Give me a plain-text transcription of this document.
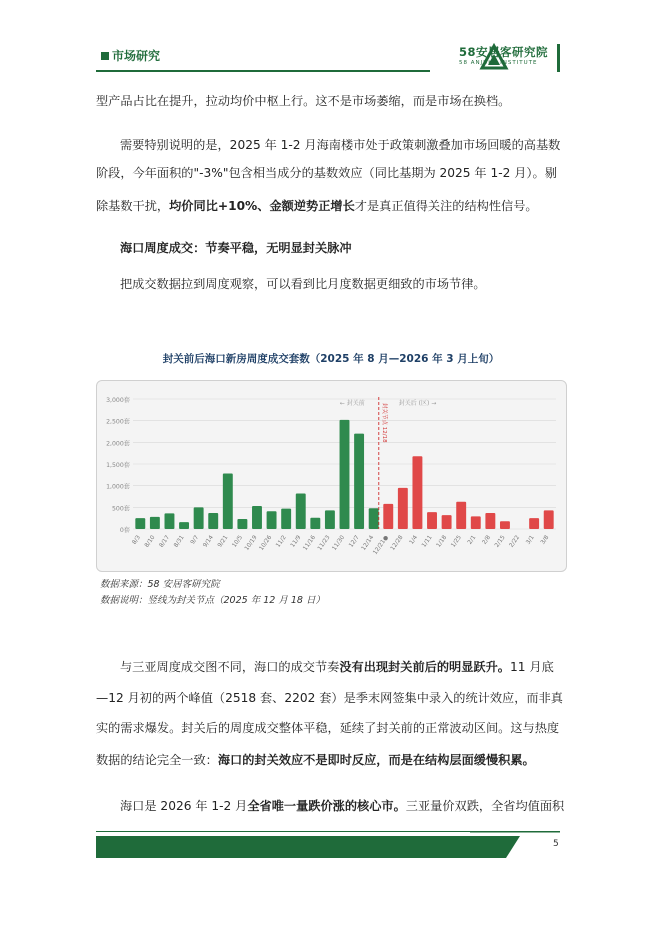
市场研究	58安居客研究院
58 ANJUKE INSTITUTE

型产品占比在提升，拉动均价中枢上行。这不是市场萎缩，而是市场在换档。

需要特别说明的是，2025 年 1-2 月海南楼市处于政策刺激叠加市场回暖的高基数

阶段，今年面积的"-3%"包含相当成分的基数效应（同比基期为 2025 年 1-2 月）。剔

除基数干扰，均价同比+10%、金额逆势正增长才是真正值得关注的结构性信号。

海口周度成交：节奏平稳，无明显封关脉冲

把成交数据拉到周度观察，可以看到比月度数据更细致的市场节律。

封关前后海口新房周度成交套数（2025 年 8 月—2026 年 3 月上旬）
0套
500套
1,000套
1,500套
2,000套
2,500套
3,000套
8/3 8/10 8/17 8/31 9/7 9/14 9/21 10/5 10/19 10/26 11/2 11/9 11/16 11/23 11/30 12/7 12/14
12/21● 12/28 1/4 1/11 1/18 1/25 2/1 2/8 2/15 2/22 3/1 3/8
封关节点 12/18
← 封关前	封关后 (区) →
数据来源：58 安居客研究院
数据说明：竖线为封关节点（2025 年 12 月 18 日）

与三亚周度成交图不同，海口的成交节奏没有出现封关前后的明显跃升。11 月底

—12 月初的两个峰值（2518 套、2202 套）是季末网签集中录入的统计效应，而非真

实的需求爆发。封关后的周度成交整体平稳，延续了封关前的正常波动区间。这与热度

数据的结论完全一致：海口的封关效应不是即时反应，而是在结构层面缓慢积累。

海口是 2026 年 1-2 月全省唯一量跌价涨的核心市。三亚量价双跌，全省均值面积

5
